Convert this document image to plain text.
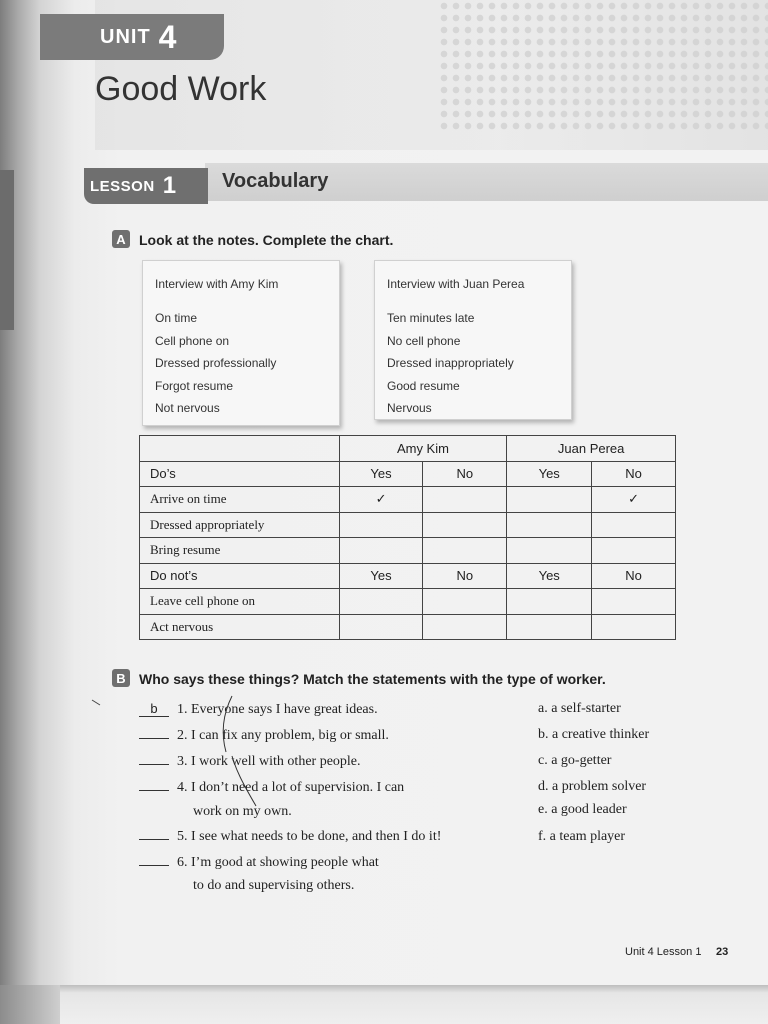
UNIT 4
Good Work
LESSON 1 Vocabulary
A Look at the notes. Complete the chart.
Interview with Amy Kim
On time
Cell phone on
Dressed professionally
Forgot resume
Not nervous
Interview with Juan Perea
Ten minutes late
No cell phone
Dressed inappropriately
Good resume
Nervous
	Amy Kim		Juan Perea	
Do’s	Yes	No	Yes	No
Arrive on time	✓			✓
Dressed appropriately				
Bring resume				
Do not’s	Yes	No	Yes	No
Leave cell phone on				
Act nervous				
B Who says these things? Match the statements with the type of worker.
b 1. Everyone says I have great ideas.
2. I can fix any problem, big or small.
3. I work well with other people.
4. I don’t need a lot of supervision. I can
work on my own.
5. I see what needs to be done, and then I do it!
6. I’m good at showing people what
to do and supervising others.
a. a self-starter
b. a creative thinker
c. a go-getter
d. a problem solver
e. a good leader
f. a team player
Unit 4 Lesson 1 23
